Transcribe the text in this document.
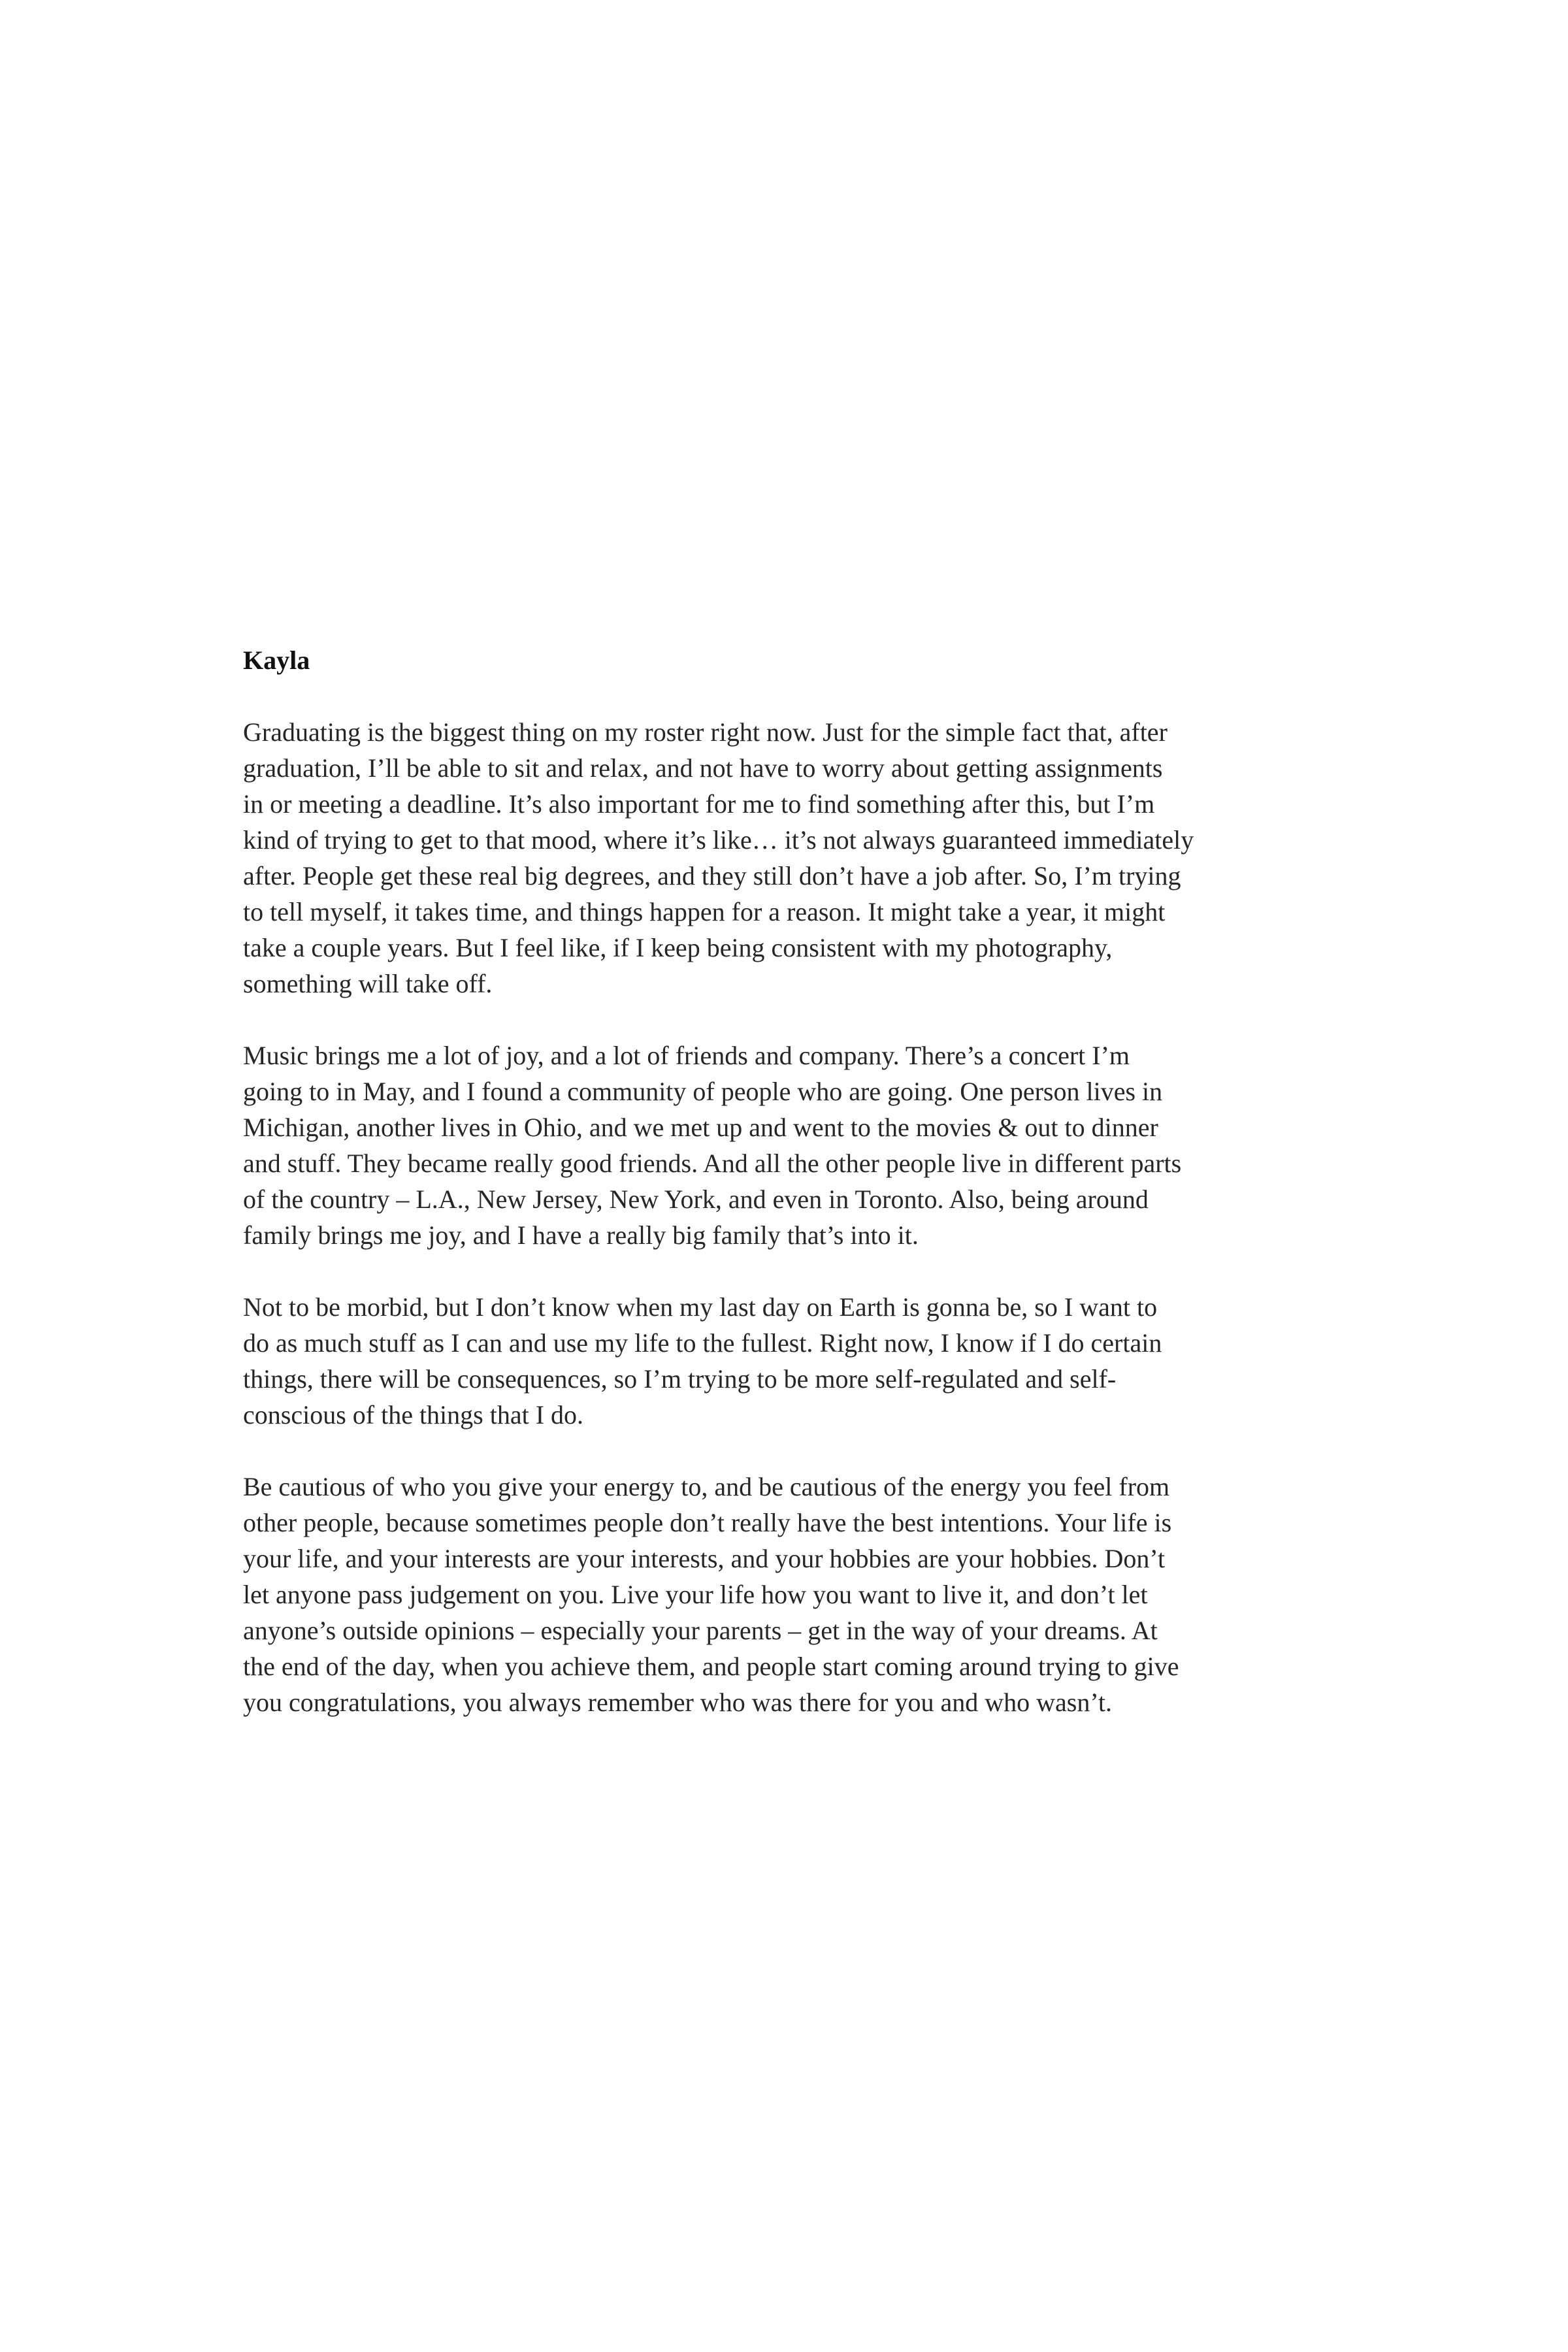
Kayla
Graduating is the biggest thing on my roster right now. Just for the simple fact that, after
graduation, I’ll be able to sit and relax, and not have to worry about getting assignments
in or meeting a deadline. It’s also important for me to find something after this, but I’m
kind of trying to get to that mood, where it’s like… it’s not always guaranteed immediately
after. People get these real big degrees, and they still don’t have a job after. So, I’m trying
to tell myself, it takes time, and things happen for a reason. It might take a year, it might
take a couple years. But I feel like, if I keep being consistent with my photography,
something will take off.
Music brings me a lot of joy, and a lot of friends and company. There’s a concert I’m
going to in May, and I found a community of people who are going. One person lives in
Michigan, another lives in Ohio, and we met up and went to the movies & out to dinner
and stuff. They became really good friends. And all the other people live in different parts
of the country – L.A., New Jersey, New York, and even in Toronto. Also, being around
family brings me joy, and I have a really big family that’s into it.
Not to be morbid, but I don’t know when my last day on Earth is gonna be, so I want to
do as much stuff as I can and use my life to the fullest. Right now, I know if I do certain
things, there will be consequences, so I’m trying to be more self-regulated and self-
conscious of the things that I do.
Be cautious of who you give your energy to, and be cautious of the energy you feel from
other people, because sometimes people don’t really have the best intentions. Your life is
your life, and your interests are your interests, and your hobbies are your hobbies. Don’t
let anyone pass judgement on you. Live your life how you want to live it, and don’t let
anyone’s outside opinions – especially your parents – get in the way of your dreams. At
the end of the day, when you achieve them, and people start coming around trying to give
you congratulations, you always remember who was there for you and who wasn’t.
